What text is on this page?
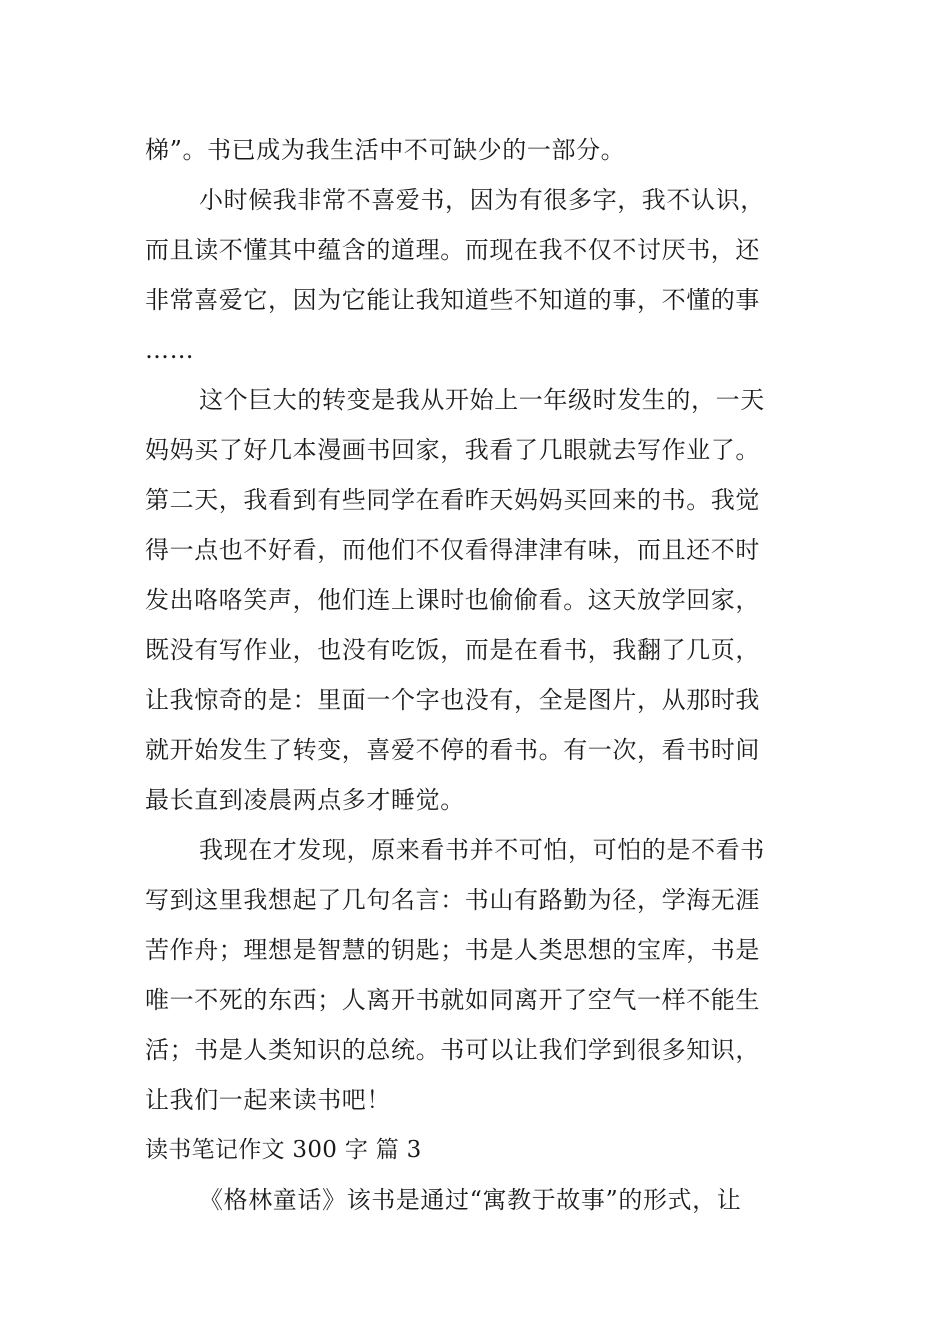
梯”。书已成为我生活中不可缺少的一部分。
小时候我非常不喜爱书，因为有很多字，我不认识，
而且读不懂其中蕴含的道理。而现在我不仅不讨厌书，还
非常喜爱它，因为它能让我知道些不知道的事，不懂的事
……
这个巨大的转变是我从开始上一年级时发生的，一天
妈妈买了好几本漫画书回家，我看了几眼就去写作业了。
第二天，我看到有些同学在看昨天妈妈买回来的书。我觉
得一点也不好看，而他们不仅看得津津有味，而且还不时
发出咯咯笑声，他们连上课时也偷偷看。这天放学回家，
既没有写作业，也没有吃饭，而是在看书，我翻了几页，
让我惊奇的是：里面一个字也没有，全是图片，从那时我
就开始发生了转变，喜爱不停的看书。有一次，看书时间
最长直到凌晨两点多才睡觉。
我现在才发现，原来看书并不可怕，可怕的是不看书
写到这里我想起了几句名言：书山有路勤为径，学海无涯
苦作舟；理想是智慧的钥匙；书是人类思想的宝库，书是
唯一不死的东西；人离开书就如同离开了空气一样不能生
活；书是人类知识的总统。书可以让我们学到很多知识，
让我们一起来读书吧！
读书笔记作文 300 字 篇 3
《格林童话》该书是通过“寓教于故事”的形式，让
